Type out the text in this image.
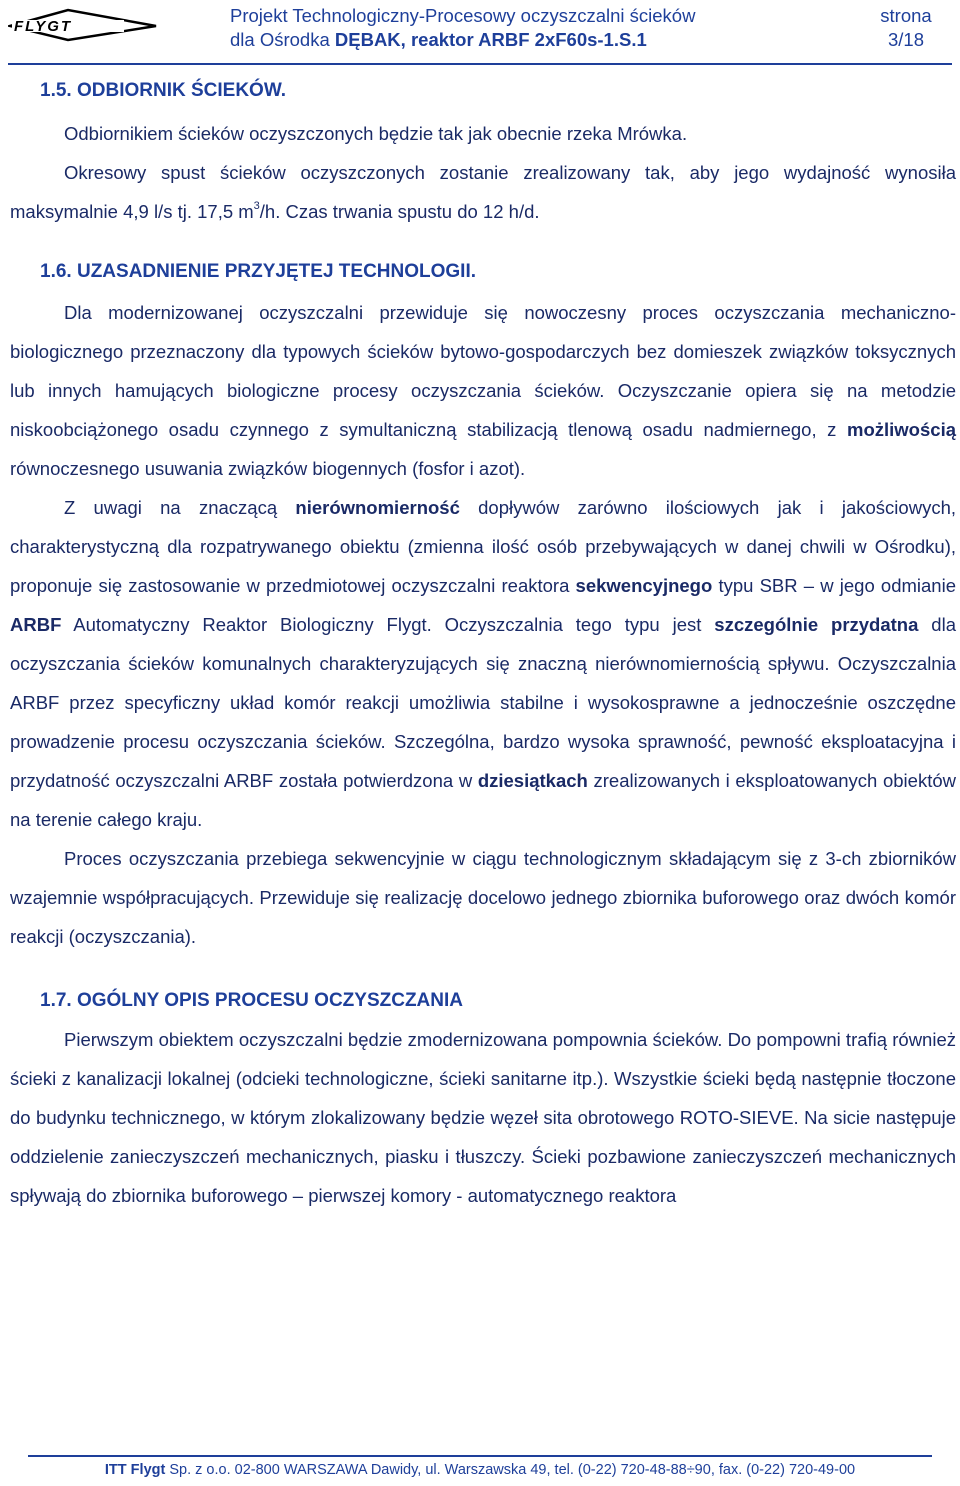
FLYGT
Projekt Technologiczny-Procesowy oczyszczalni ścieków
dla Ośrodka DĘBAK, reaktor ARBF 2xF60s-1.S.1
strona
3/18
1.5. ODBIORNIK ŚCIEKÓW.

Odbiornikiem ścieków oczyszczonych będzie tak jak obecnie rzeka Mrówka.

Okresowy spust ścieków oczyszczonych zostanie zrealizowany tak, aby jego wydajność wynosiła maksymalnie 4,9 l/s tj. 17,5 $m^3/h$. Czas trwania spustu do 12 h/d.

1.6. UZASADNIENIE PRZYJĘTEJ TECHNOLOGII.

Dla modernizowanej oczyszczalni przewiduje się nowoczesny proces oczyszczania mechaniczno-biologicznego przeznaczony dla typowych ścieków bytowo-gospodarczych bez domieszek związków toksycznych lub innych hamujących biologiczne procesy oczyszczania ścieków. Oczyszczanie opiera się na metodzie niskoobciążonego osadu czynnego z symultaniczną stabilizacją tlenową osadu nadmiernego, z możliwością równoczesnego usuwania związków biogennych (fosfor i azot).

Z uwagi na znaczącą nierównomierność dopływów zarówno ilościowych jak i jakościowych, charakterystyczną dla rozpatrywanego obiektu (zmienna ilość osób przebywających w danej chwili w Ośrodku), proponuje się zastosowanie w przedmiotowej oczyszczalni reaktora sekwencyjnego typu SBR – w jego odmianie ARBF Automatyczny Reaktor Biologiczny Flygt. Oczyszczalnia tego typu jest szczególnie przydatna dla oczyszczania ścieków komunalnych charakteryzujących się znaczną nierównomiernością spływu. Oczyszczalnia ARBF przez specyficzny układ komór reakcji umożliwia stabilne i wysokosprawne a jednocześnie oszczędne prowadzenie procesu oczyszczania ścieków. Szczególna, bardzo wysoka sprawność, pewność eksploatacyjna i przydatność oczyszczalni ARBF została potwierdzona w dziesiątkach zrealizowanych i eksploatowanych obiektów na terenie całego kraju.

Proces oczyszczania przebiega sekwencyjnie w ciągu technologicznym składającym się z 3-ch zbiorników wzajemnie współpracujących. Przewiduje się realizację docelowo jednego zbiornika buforowego oraz dwóch komór reakcji (oczyszczania).

1.7. OGÓLNY OPIS PROCESU OCZYSZCZANIA

Pierwszym obiektem oczyszczalni będzie zmodernizowana pompownia ścieków. Do pompowni trafią również ścieki z kanalizacji lokalnej (odcieki technologiczne, ścieki sanitarne itp.). Wszystkie ścieki będą następnie tłoczone do budynku technicznego, w którym zlokalizowany będzie węzeł sita obrotowego ROTO-SIEVE. Na sicie następuje oddzielenie zanieczyszczeń mechanicznych, piasku i tłuszczy. Ścieki pozbawione zanieczyszczeń mechanicznych spływają do zbiornika buforowego – pierwszej komory - automatycznego reaktora

ITT Flygt Sp. z o.o. 02-800 WARSZAWA Dawidy, ul. Warszawska 49, tel. (0-22) 720-48-88÷90, fax. (0-22) 720-49-00
